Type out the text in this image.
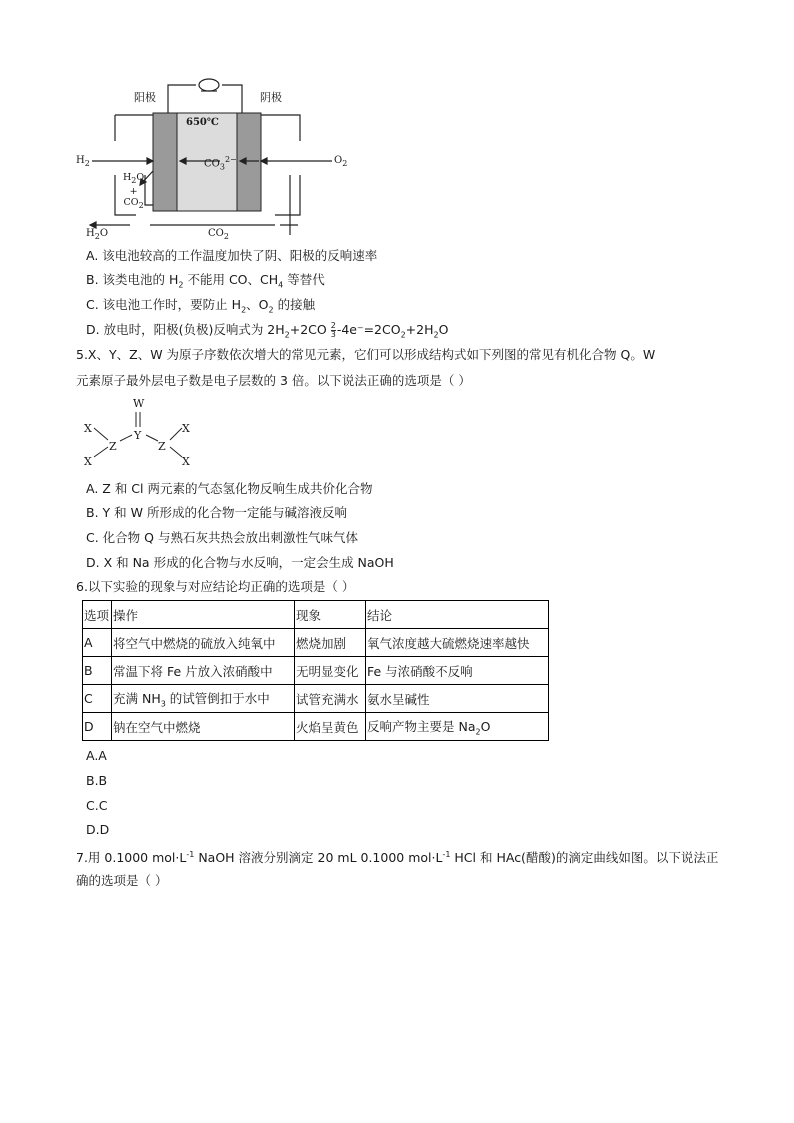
阳极	阴极
650℃
$H_2$	$O_2$
$CO_3^{2-}$
$H_2O$
+
$CO_2$
$H_2O$	$CO_2$
A. 该电池较高的工作温度加快了阴、阳极的反响速率
B. 该类电池的 $H_2$ 不能用 CO、$CH_4$ 等替代
C. 该电池工作时，要防止 $H_2$、$O_2$ 的接触
D. 放电时，阳极(负极)反响式为 $2H_2+2CO \frac{2}{3} -4e^-=2CO_2+2H_2O$
5.X、Y、Z、W 为原子序数依次增大的常见元素，它们可以形成结构式如下列图的常见有机化合物 Q。W
元素原子最外层电子数是电子层数的 3 倍。以下说法正确的选项是（ ）
W
Y
Z	Z
X
X
X
X
A. Z 和 Cl 两元素的气态氢化物反响生成共价化合物
B. Y 和 W 所形成的化合物一定能与碱溶液反响
C. 化合物 Q 与熟石灰共热会放出刺激性气味气体
D. X 和 Na 形成的化合物与水反响，一定会生成 NaOH
6.以下实验的现象与对应结论均正确的选项是（ ）
选项	操作	现象	结论
A	将空气中燃烧的硫放入纯氧中	燃烧加剧	氧气浓度越大硫燃烧速率越快
B	常温下将 Fe 片放入浓硝酸中	无明显变化	Fe 与浓硝酸不反响
C	充满 $NH_3$ 的试管倒扣于水中	试管充满水	氨水呈碱性
D	钠在空气中燃烧	火焰呈黄色	反响产物主要是 $Na_2O$
A.A
B.B
C.C
D.D
7.用 0.1000 $mol\cdot L^{-1}$ NaOH 溶液分别滴定 20 mL 0.1000 $mol\cdot L^{-1}$ HCl 和 HAc(醋酸)的滴定曲线如图。以下说法正
确的选项是（ ）
